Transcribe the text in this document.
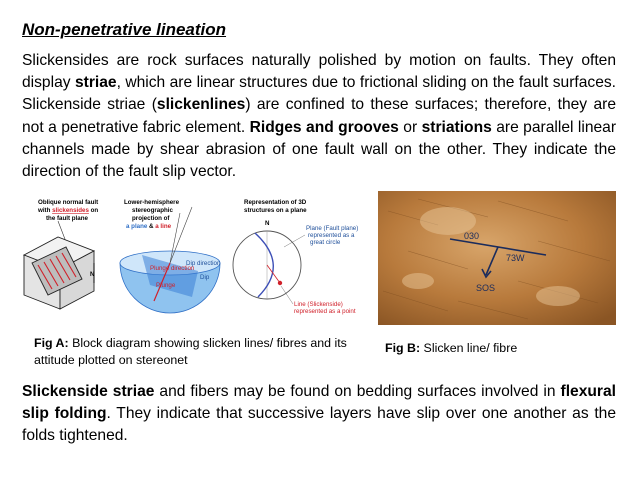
Non-penetrative lineation

Slickensides are rock surfaces naturally polished by motion on faults. They often display striae, which are linear structures due to frictional sliding on the fault surfaces. Slickenside striae (slickenlines) are confined to these surfaces; therefore, they are not a penetrative fabric element. Ridges and grooves or striations are parallel linear channels made by shear abrasion of one fault wall on the other. They indicate the direction of the fault slip vector.

Oblique normal fault
with slickensides on
the fault plane
N
Lower-hemisphere
stereographic
projection of
a plane & a line
Plunge direction
Plunge
Dip direction
Dip
Representation of 3D
structures on a plane
N
Plane (Fault plane)
represented as a
great circle
Line (Slickenside)
represented as a point
030
73W
SOS
Fig A: Block diagram showing slicken lines/ fibres and its attitude plotted on stereonet
Fig B: Slicken line/ fibre

Slickenside striae and fibers may be found on bedding surfaces involved in flexural slip folding. They indicate that successive layers have slip over one another as the folds tightened.
